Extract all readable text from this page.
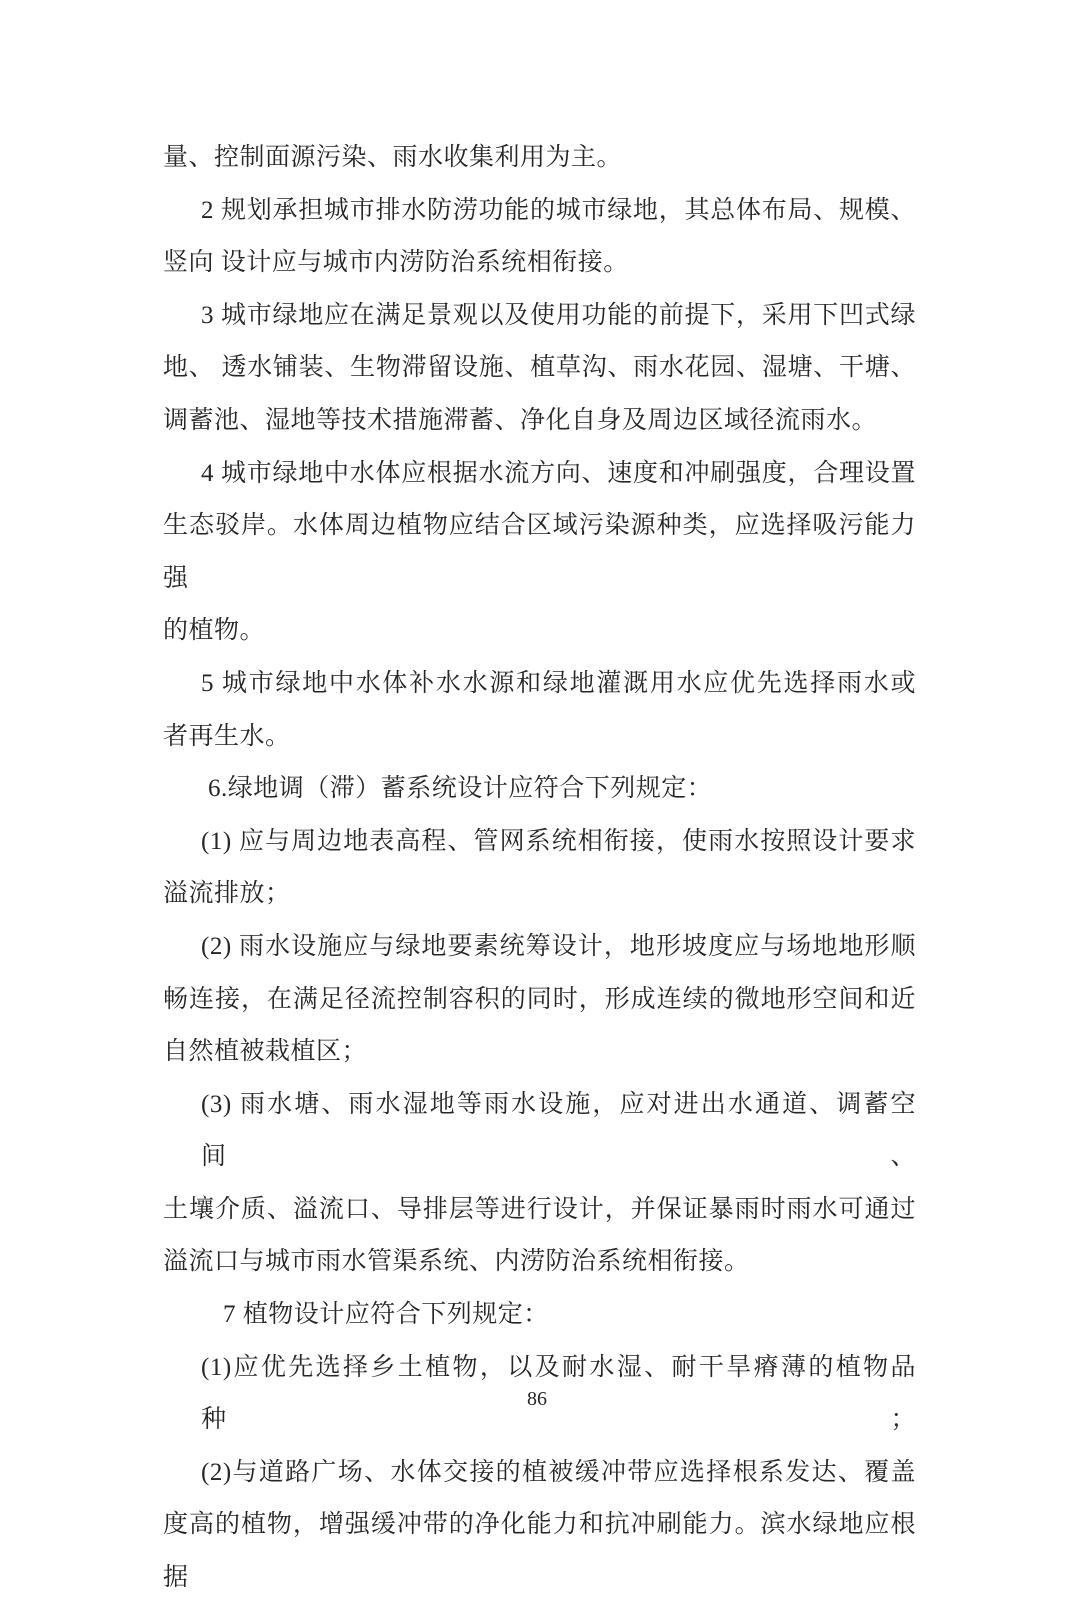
量、控制面源污染、雨水收集利用为主。
2 规划承担城市排水防涝功能的城市绿地，其总体布局、规模、
竖向 设计应与城市内涝防治系统相衔接。
3 城市绿地应在满足景观以及使用功能的前提下，采用下凹式绿
地、 透水铺装、生物滞留设施、植草沟、雨水花园、湿塘、干塘、
调蓄池、湿地等技术措施滞蓄、净化自身及周边区域径流雨水。
4 城市绿地中水体应根据水流方向、速度和冲刷强度，合理设置
生态驳岸。水体周边植物应结合区域污染源种类，应选择吸污能力强
的植物。
5 城市绿地中水体补水水源和绿地灌溉用水应优先选择雨水或
者再生水。
6.绿地调（滞）蓄系统设计应符合下列规定：
(1) 应与周边地表高程、管网系统相衔接，使雨水按照设计要求
溢流排放；
(2) 雨水设施应与绿地要素统筹设计，地形坡度应与场地地形顺
畅连接，在满足径流控制容积的同时，形成连续的微地形空间和近
自然植被栽植区；
(3) 雨水塘、雨水湿地等雨水设施，应对进出水通道、调蓄空间、
土壤介质、溢流口、导排层等进行设计，并保证暴雨时雨水可通过
溢流口与城市雨水管渠系统、内涝防治系统相衔接。
7 植物设计应符合下列规定：
(1)应优先选择乡土植物，以及耐水湿、耐干旱瘠薄的植物品种；
(2)与道路广场、水体交接的植被缓冲带应选择根系发达、覆盖
度高的植物，增强缓冲带的净化能力和抗冲刷能力。滨水绿地应根据
86
